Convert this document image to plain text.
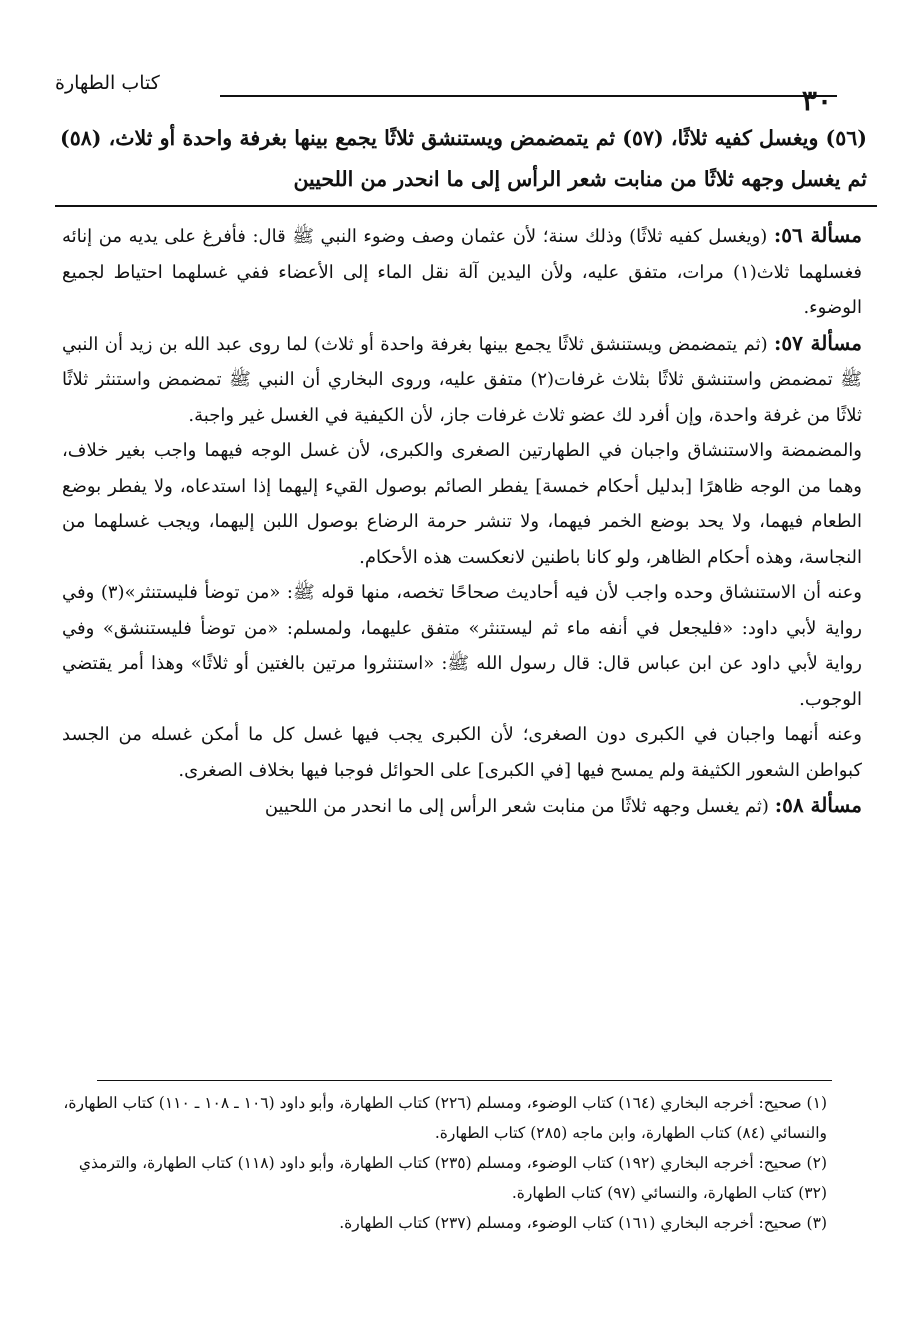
٣٠
كتاب الطهارة

(٥٦) ويغسل كفيه ثلاثًا، (٥٧) ثم يتمضمض ويستنشق ثلاثًا يجمع بينها بغرفة واحدة أو ثلاث، (٥٨) ثم يغسل وجهه ثلاثًا من منابت شعر الرأس إلى ما انحدر من اللحيين

مسألة ٥٦: (ويغسل كفيه ثلاثًا) وذلك سنة؛ لأن عثمان وصف وضوء النبي ﷺ قال: فأفرغ على يديه من إنائه فغسلهما ثلاث(١) مرات، متفق عليه، ولأن اليدين آلة نقل الماء إلى الأعضاء ففي غسلهما احتياط لجميع الوضوء.

مسألة ٥٧: (ثم يتمضمض ويستنشق ثلاثًا يجمع بينها بغرفة واحدة أو ثلاث) لما روى عبد الله بن زيد أن النبي ﷺ تمضمض واستنشق ثلاثًا بثلاث غرفات(٢) متفق عليه، وروى البخاري أن النبي ﷺ تمضمض واستنثر ثلاثًا ثلاثًا من غرفة واحدة، وإن أفرد لك عضو ثلاث غرفات جاز، لأن الكيفية في الغسل غير واجبة.

والمضمضة والاستنشاق واجبان في الطهارتين الصغرى والكبرى، لأن غسل الوجه فيهما واجب بغير خلاف، وهما من الوجه ظاهرًا [بدليل أحكام خمسة] يفطر الصائم بوصول القيء إليهما إذا استدعاه، ولا يفطر بوضع الطعام فيهما، ولا يحد بوضع الخمر فيهما، ولا تنشر حرمة الرضاع بوصول اللبن إليهما، ويجب غسلهما من النجاسة، وهذه أحكام الظاهر، ولو كانا باطنين لانعكست هذه الأحكام.

وعنه أن الاستنشاق وحده واجب لأن فيه أحاديث صحاحًا تخصه، منها قوله ﷺ: «من توضأ فليستنثر»(٣) وفي رواية لأبي داود: «فليجعل في أنفه ماء ثم ليستنثر» متفق عليهما، ولمسلم: «من توضأ فليستنشق» وفي رواية لأبي داود عن ابن عباس قال: قال رسول الله ﷺ: «استنثروا مرتين بالغتين أو ثلاثًا» وهذا أمر يقتضي الوجوب.

وعنه أنهما واجبان في الكبرى دون الصغرى؛ لأن الكبرى يجب فيها غسل كل ما أمكن غسله من الجسد كبواطن الشعور الكثيفة ولم يمسح فيها [في الكبرى] على الحوائل فوجبا فيها بخلاف الصغرى.

مسألة ٥٨: (ثم يغسل وجهه ثلاثًا من منابت شعر الرأس إلى ما انحدر من اللحيين

(١) صحيح: أخرجه البخاري (١٦٤) كتاب الوضوء، ومسلم (٢٢٦) كتاب الطهارة، وأبو داود (١٠٦ ـ ١٠٨ ـ ١١٠) كتاب الطهارة، والنسائي (٨٤) كتاب الطهارة، وابن ماجه (٢٨٥) كتاب الطهارة.

(٢) صحيح: أخرجه البخاري (١٩٢) كتاب الوضوء، ومسلم (٢٣٥) كتاب الطهارة، وأبو داود (١١٨) كتاب الطهارة، والترمذي (٣٢) كتاب الطهارة، والنسائي (٩٧) كتاب الطهارة.

(٣) صحيح: أخرجه البخاري (١٦١) كتاب الوضوء، ومسلم (٢٣٧) كتاب الطهارة.
